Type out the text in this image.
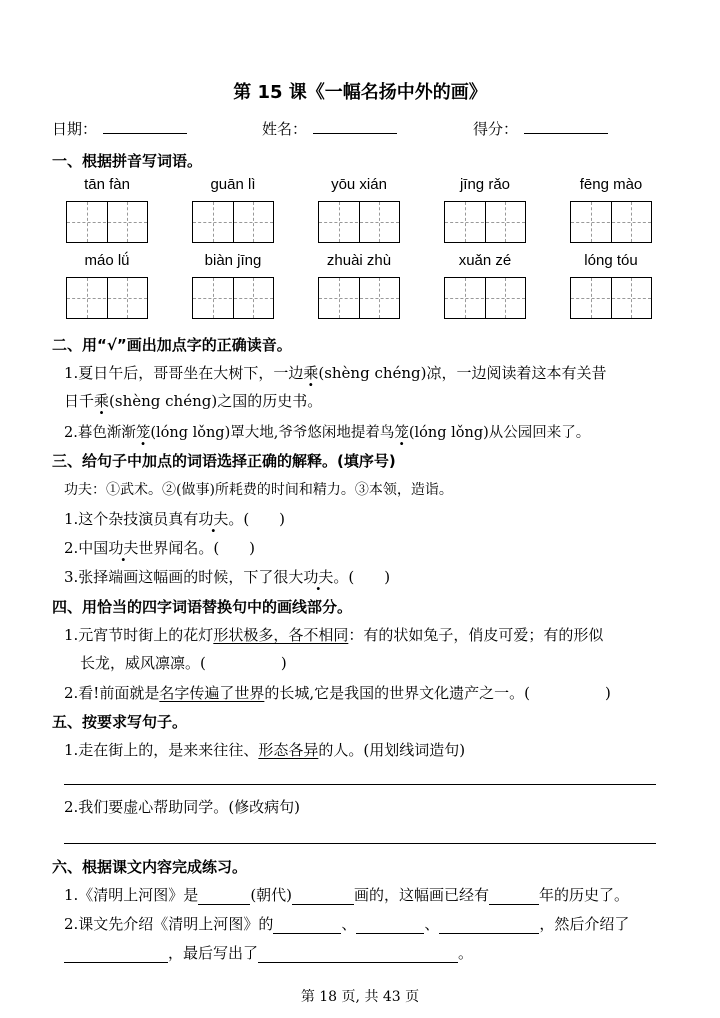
第 15 课《一幅名扬中外的画》
日期：	姓名：	得分：
一、根据拼音写词语。
tān fàn	guān lì	yōu xián	jīng rǎo	fēng mào
máo lǘ	biàn jīng	zhuài zhù	xuǎn zé	lóng tóu
二、用“√”画出加点字的正确读音。
1.夏日午后，哥哥坐在大树下，一边乘(shèng chéng)凉，一边阅读着这本有关昔
日千乘(shèng chéng)之国的历史书。
2.暮色渐渐笼(lóng lǒng)罩大地,爷爷悠闲地提着鸟笼(lóng lǒng)从公园回来了。
三、给句子中加点的词语选择正确的解释。(填序号)
功夫：①武术。②(做事)所耗费的时间和精力。③本领，造诣。
1.这个杂技演员真有功夫。(　　)
2.中国功夫世界闻名。(　　)
3.张择端画这幅画的时候，下了很大功夫。(　　)
四、用恰当的四字词语替换句中的画线部分。
1.元宵节时街上的花灯形状极多，各不相同：有的状如兔子，俏皮可爱；有的形似
长龙，威风凛凛。(　　　　　)
2.看!前面就是名字传遍了世界的长城,它是我国的世界文化遗产之一。(　　　　　)
五、按要求写句子。
1.走在街上的，是来来往往、形态各异的人。(用划线词造句)
2.我们要虚心帮助同学。(修改病句)
六、根据课文内容完成练习。
1.《清明上河图》是	(朝代)	画的，这幅画已经有	年的历史了。
2.课文先介绍《清明上河图》的	、	、	，然后介绍了
，最后写出了	。
第 18 页, 共 43 页
